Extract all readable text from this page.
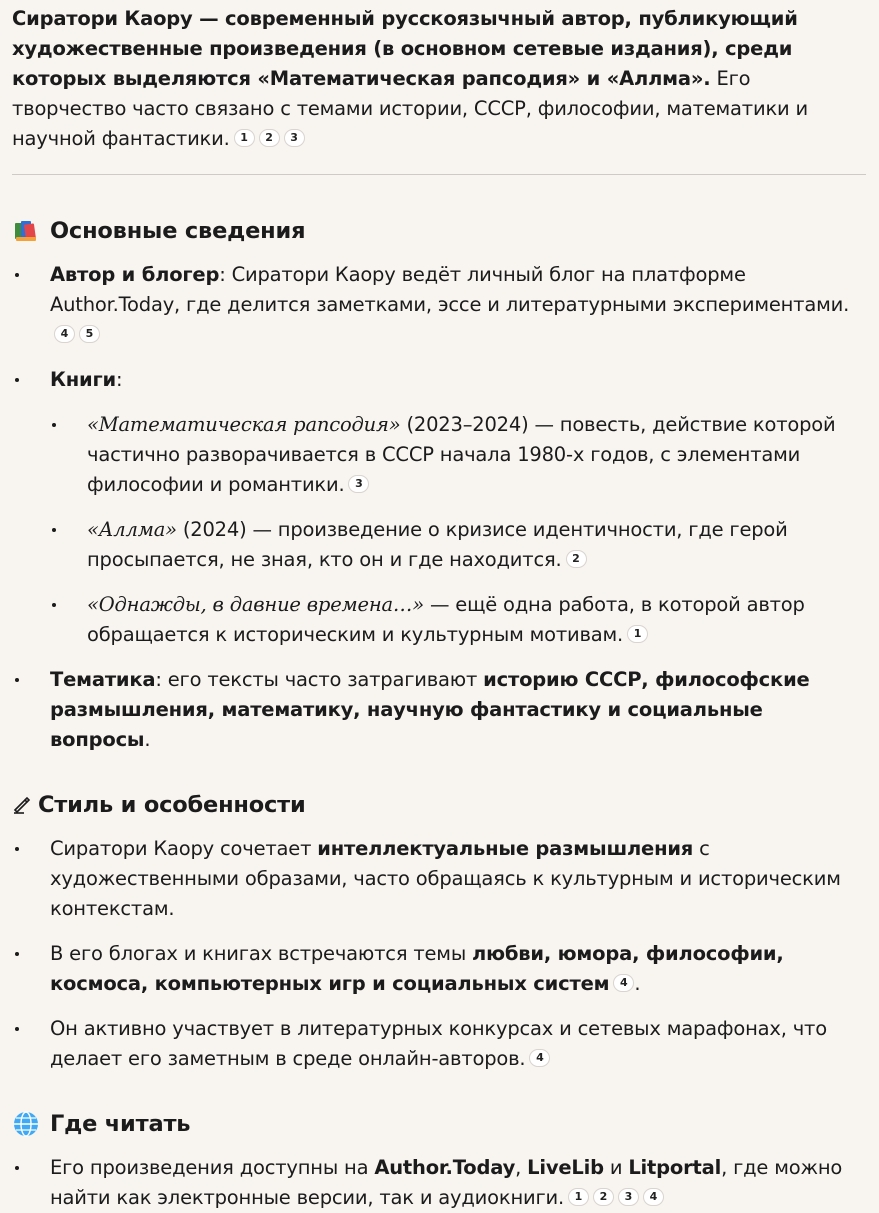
Сиратори Каору — современный русскоязычный автор, публикующий художественные произведения (в основном сетевые издания), среди которых выделяются «Математическая рапсодия» и «Аллма». Его творчество часто связано с темами истории, СССР, философии, математики и научной фантастики. 1 2 3

Основные сведения
Автор и блогер: Сиратори Каору ведёт личный блог на платформе Author.Today, где делится заметками, эссе и литературными экспериментами.4 5
Книги:
«Математическая рапсодия» (2023–2024) — повесть, действие которой частично разворачивается в СССР начала 1980-х годов, с элементами философии и романтики. 3
«Аллма» (2024) — произведение о кризисе идентичности, где герой просыпается, не зная, кто он и где находится. 2
«Однажды, в давние времена…» — ещё одна работа, в которой автор обращается к историческим и культурным мотивам. 1
Тематика: его тексты часто затрагивают историю СССР, философские размышления, математику, научную фантастику и социальные вопросы.
Стиль и особенности
Сиратори Каору сочетает интеллектуальные размышления с художественными образами, часто обращаясь к культурным и историческим контекстам.
В его блогах и книгах встречаются темы любви, юмора, философии, космоса, компьютерных игр и социальных систем 4 .
Он активно участвует в литературных конкурсах и сетевых марафонах, что делает его заметным в среде онлайн-авторов. 4
Где читать
Его произведения доступны на Author.Today, LiveLib и Litportal, где можно найти как электронные версии, так и аудиокниги. 1 2 3 4
